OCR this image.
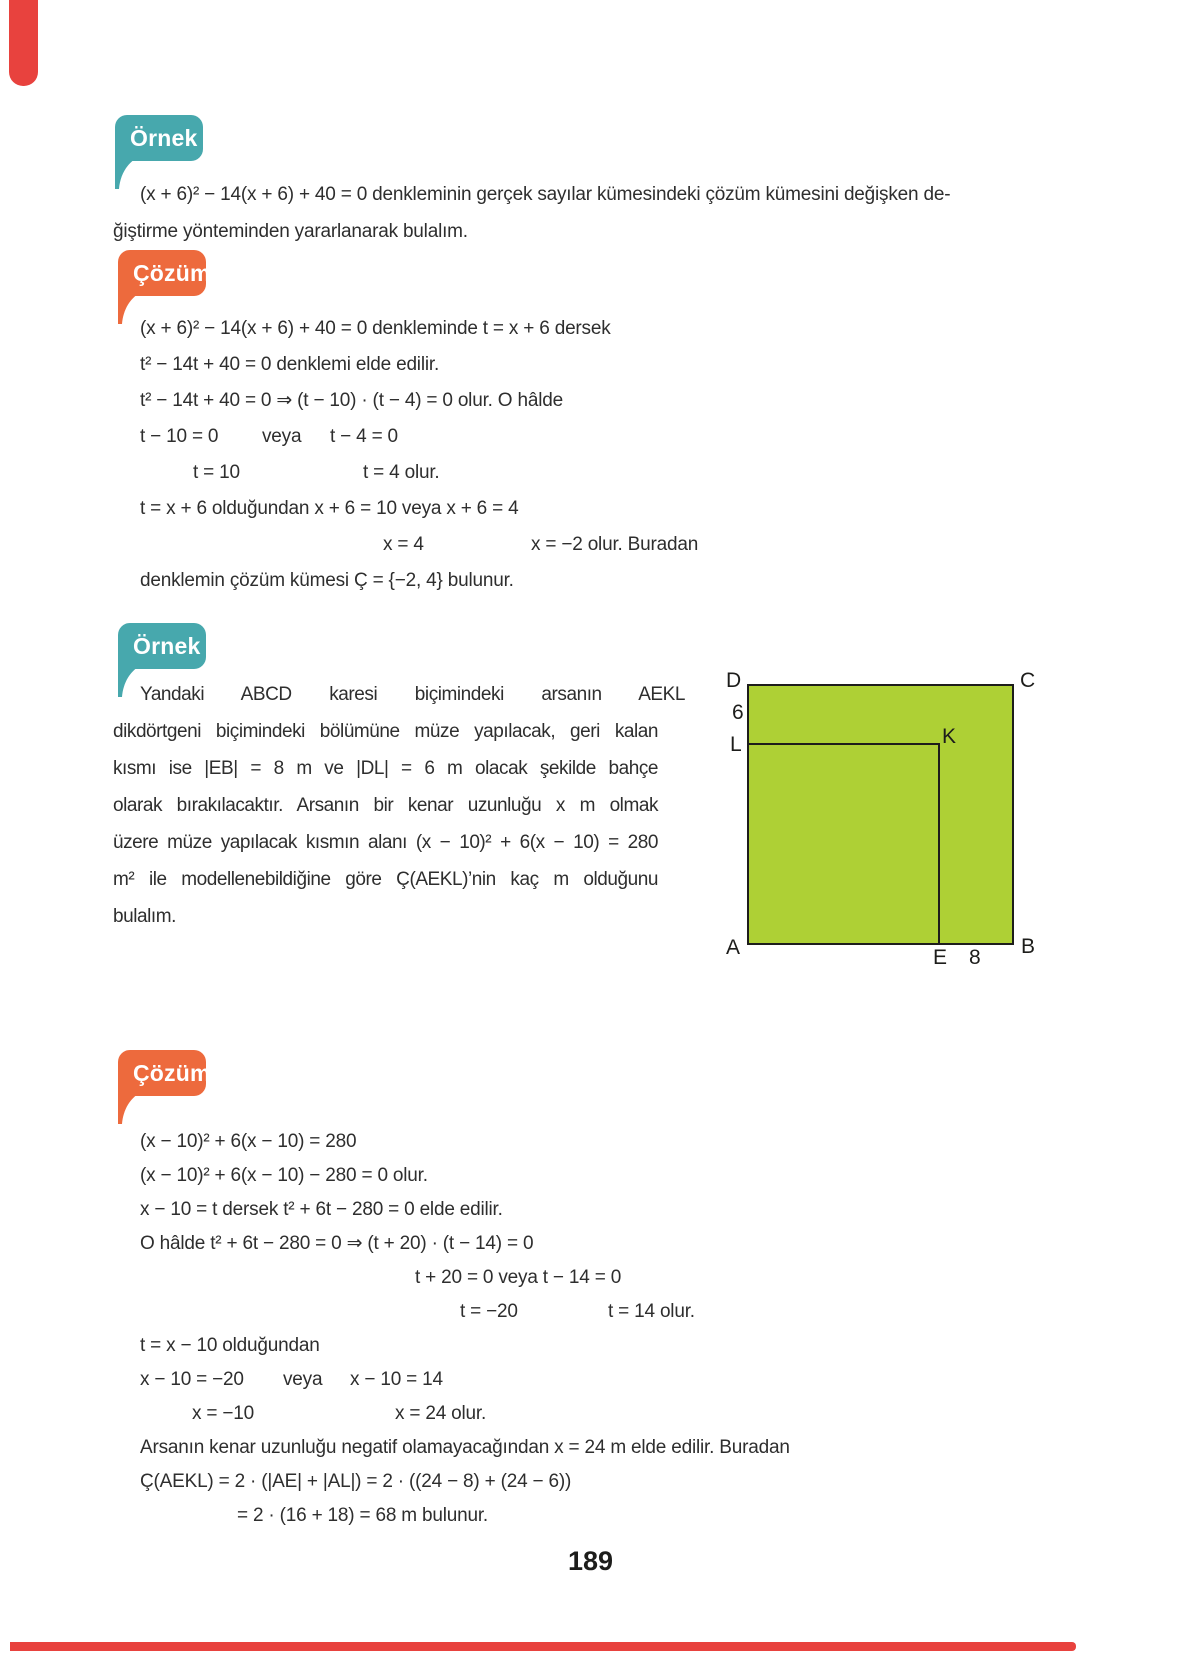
Örnek
(x + 6)² − 14(x + 6) + 40 = 0 denkleminin gerçek sayılar kümesindeki çözüm kümesini değişken de-
ğiştirme yönteminden yararlanarak bulalım.
Çözüm
(x + 6)² − 14(x + 6) + 40 = 0 denkleminde t = x + 6 dersek
t² − 14t + 40 = 0 denklemi elde edilir.
t² − 14t + 40 = 0 ⇒ (t − 10) · (t − 4) = 0 olur. O hâlde
t − 10 = 0 veya t − 4 = 0
t = 10	t = 4 olur.
t = x + 6 olduğundan x + 6 = 10 veya x + 6 = 4
x = 4	x = −2 olur. Buradan
denklemin çözüm kümesi Ç = {−2, 4} bulunur.
Örnek
Yandaki ABCD karesi biçimindeki arsanın AEKL
dikdörtgeni biçimindeki bölümüne müze yapılacak, geri kalan
kısmı ise |EB| = 8 m ve |DL| = 6 m olacak şekilde bahçe
olarak bırakılacaktır. Arsanın bir kenar uzunluğu x m olmak
üzere müze yapılacak kısmın alanı (x − 10)² + 6(x − 10) = 280
m² ile modellenebildiğine göre Ç(AEKL)’nin kaç m olduğunu
bulalım.
D	C
6
L	K
A	B
E 8
Çözüm
(x − 10)² + 6(x − 10) = 280
(x − 10)² + 6(x − 10) − 280 = 0 olur.
x − 10 = t dersek t² + 6t − 280 = 0 elde edilir.
O hâlde t² + 6t − 280 = 0 ⇒ (t + 20) · (t − 14) = 0
t + 20 = 0 veya t − 14 = 0
t = −20	t = 14 olur.
t = x − 10 olduğundan
x − 10 = −20 veya x − 10 = 14
x = −10	x = 24 olur.
Arsanın kenar uzunluğu negatif olamayacağından x = 24 m elde edilir. Buradan
Ç(AEKL) = 2 · (|AE| + |AL|) = 2 · ((24 − 8) + (24 − 6))
= 2 · (16 + 18) = 68 m bulunur.
189
